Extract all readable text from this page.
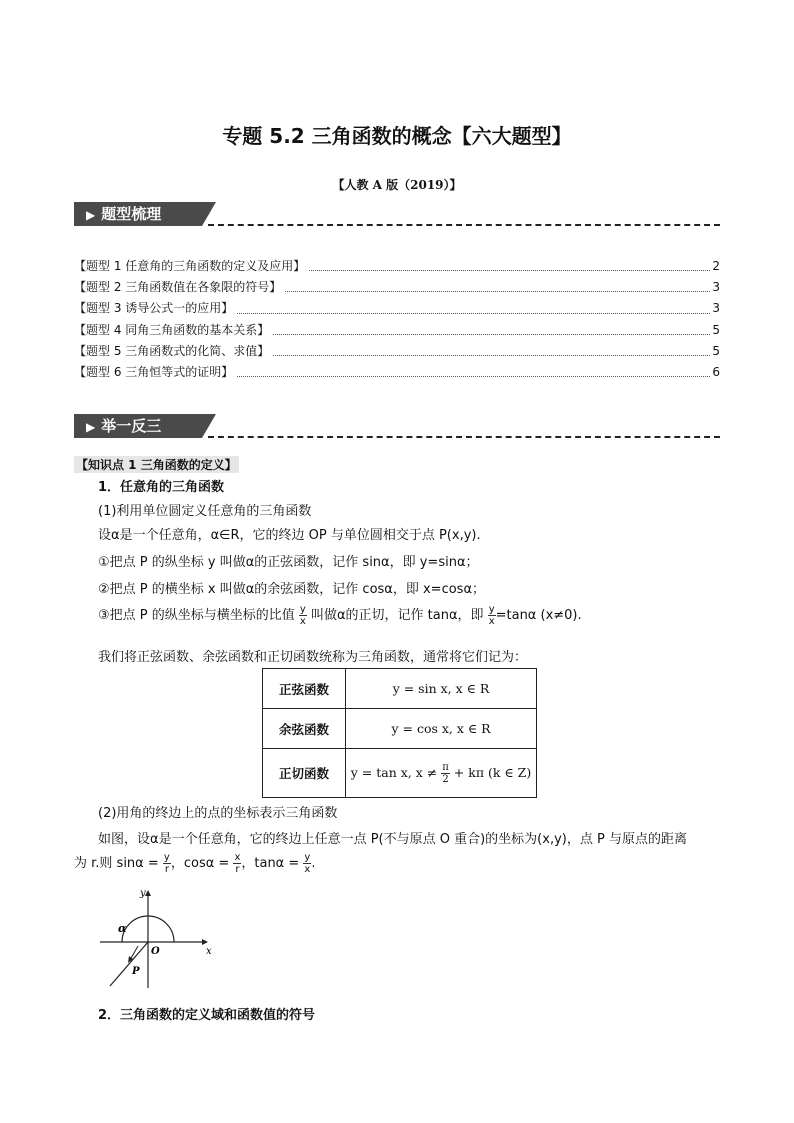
专题 5.2 三角函数的概念【六大题型】
【人教 A 版（2019）】
▶ 题型梳理
【题型 1 任意角的三角函数的定义及应用】	2
【题型 2 三角函数值在各象限的符号】	3
【题型 3 诱导公式一的应用】	3
【题型 4 同角三角函数的基本关系】	5
【题型 5 三角函数式的化简、求值】	5
【题型 6 三角恒等式的证明】	6
▶ 举一反三
【知识点 1 三角函数的定义】
1．任意角的三角函数
(1)利用单位圆定义任意角的三角函数
设α是一个任意角，α∈R，它的终边 OP 与单位圆相交于点 P(x,y).
①把点 P 的纵坐标 y 叫做α的正弦函数，记作 sinα，即 y=sinα；
②把点 P 的横坐标 x 叫做α的余弦函数，记作 cosα，即 x=cosα；
③把点 P 的纵坐标与横坐标的比值 $\frac{y}{x}$ 叫做α的正切，记作 tanα，即 $\frac{y}{x} =\tan\alpha$ (x≠0).
我们将正弦函数、余弦函数和正切函数统称为三角函数，通常将它们记为：
正弦函数	y = sin x, x ∈ R
余弦函数	y = cos x, x ∈ R
正切函数	y = tan x, $x \ne \frac{\pi}{2} + k\pi$ (k ∈ Z)
(2)用角的终边上的点的坐标表示三角函数
如图，设α是一个任意角，它的终边上任意一点 P(不与原点 O 重合)的坐标为(x,y)，点 P 与原点的距离
为 r.则 $\sin\alpha = \frac{y}{r}$ ，$\cos\alpha = \frac{x}{r}$ ，$\tan\alpha = \frac{y}{x}$ .
y
x
O
P
α
2．三角函数的定义域和函数值的符号
